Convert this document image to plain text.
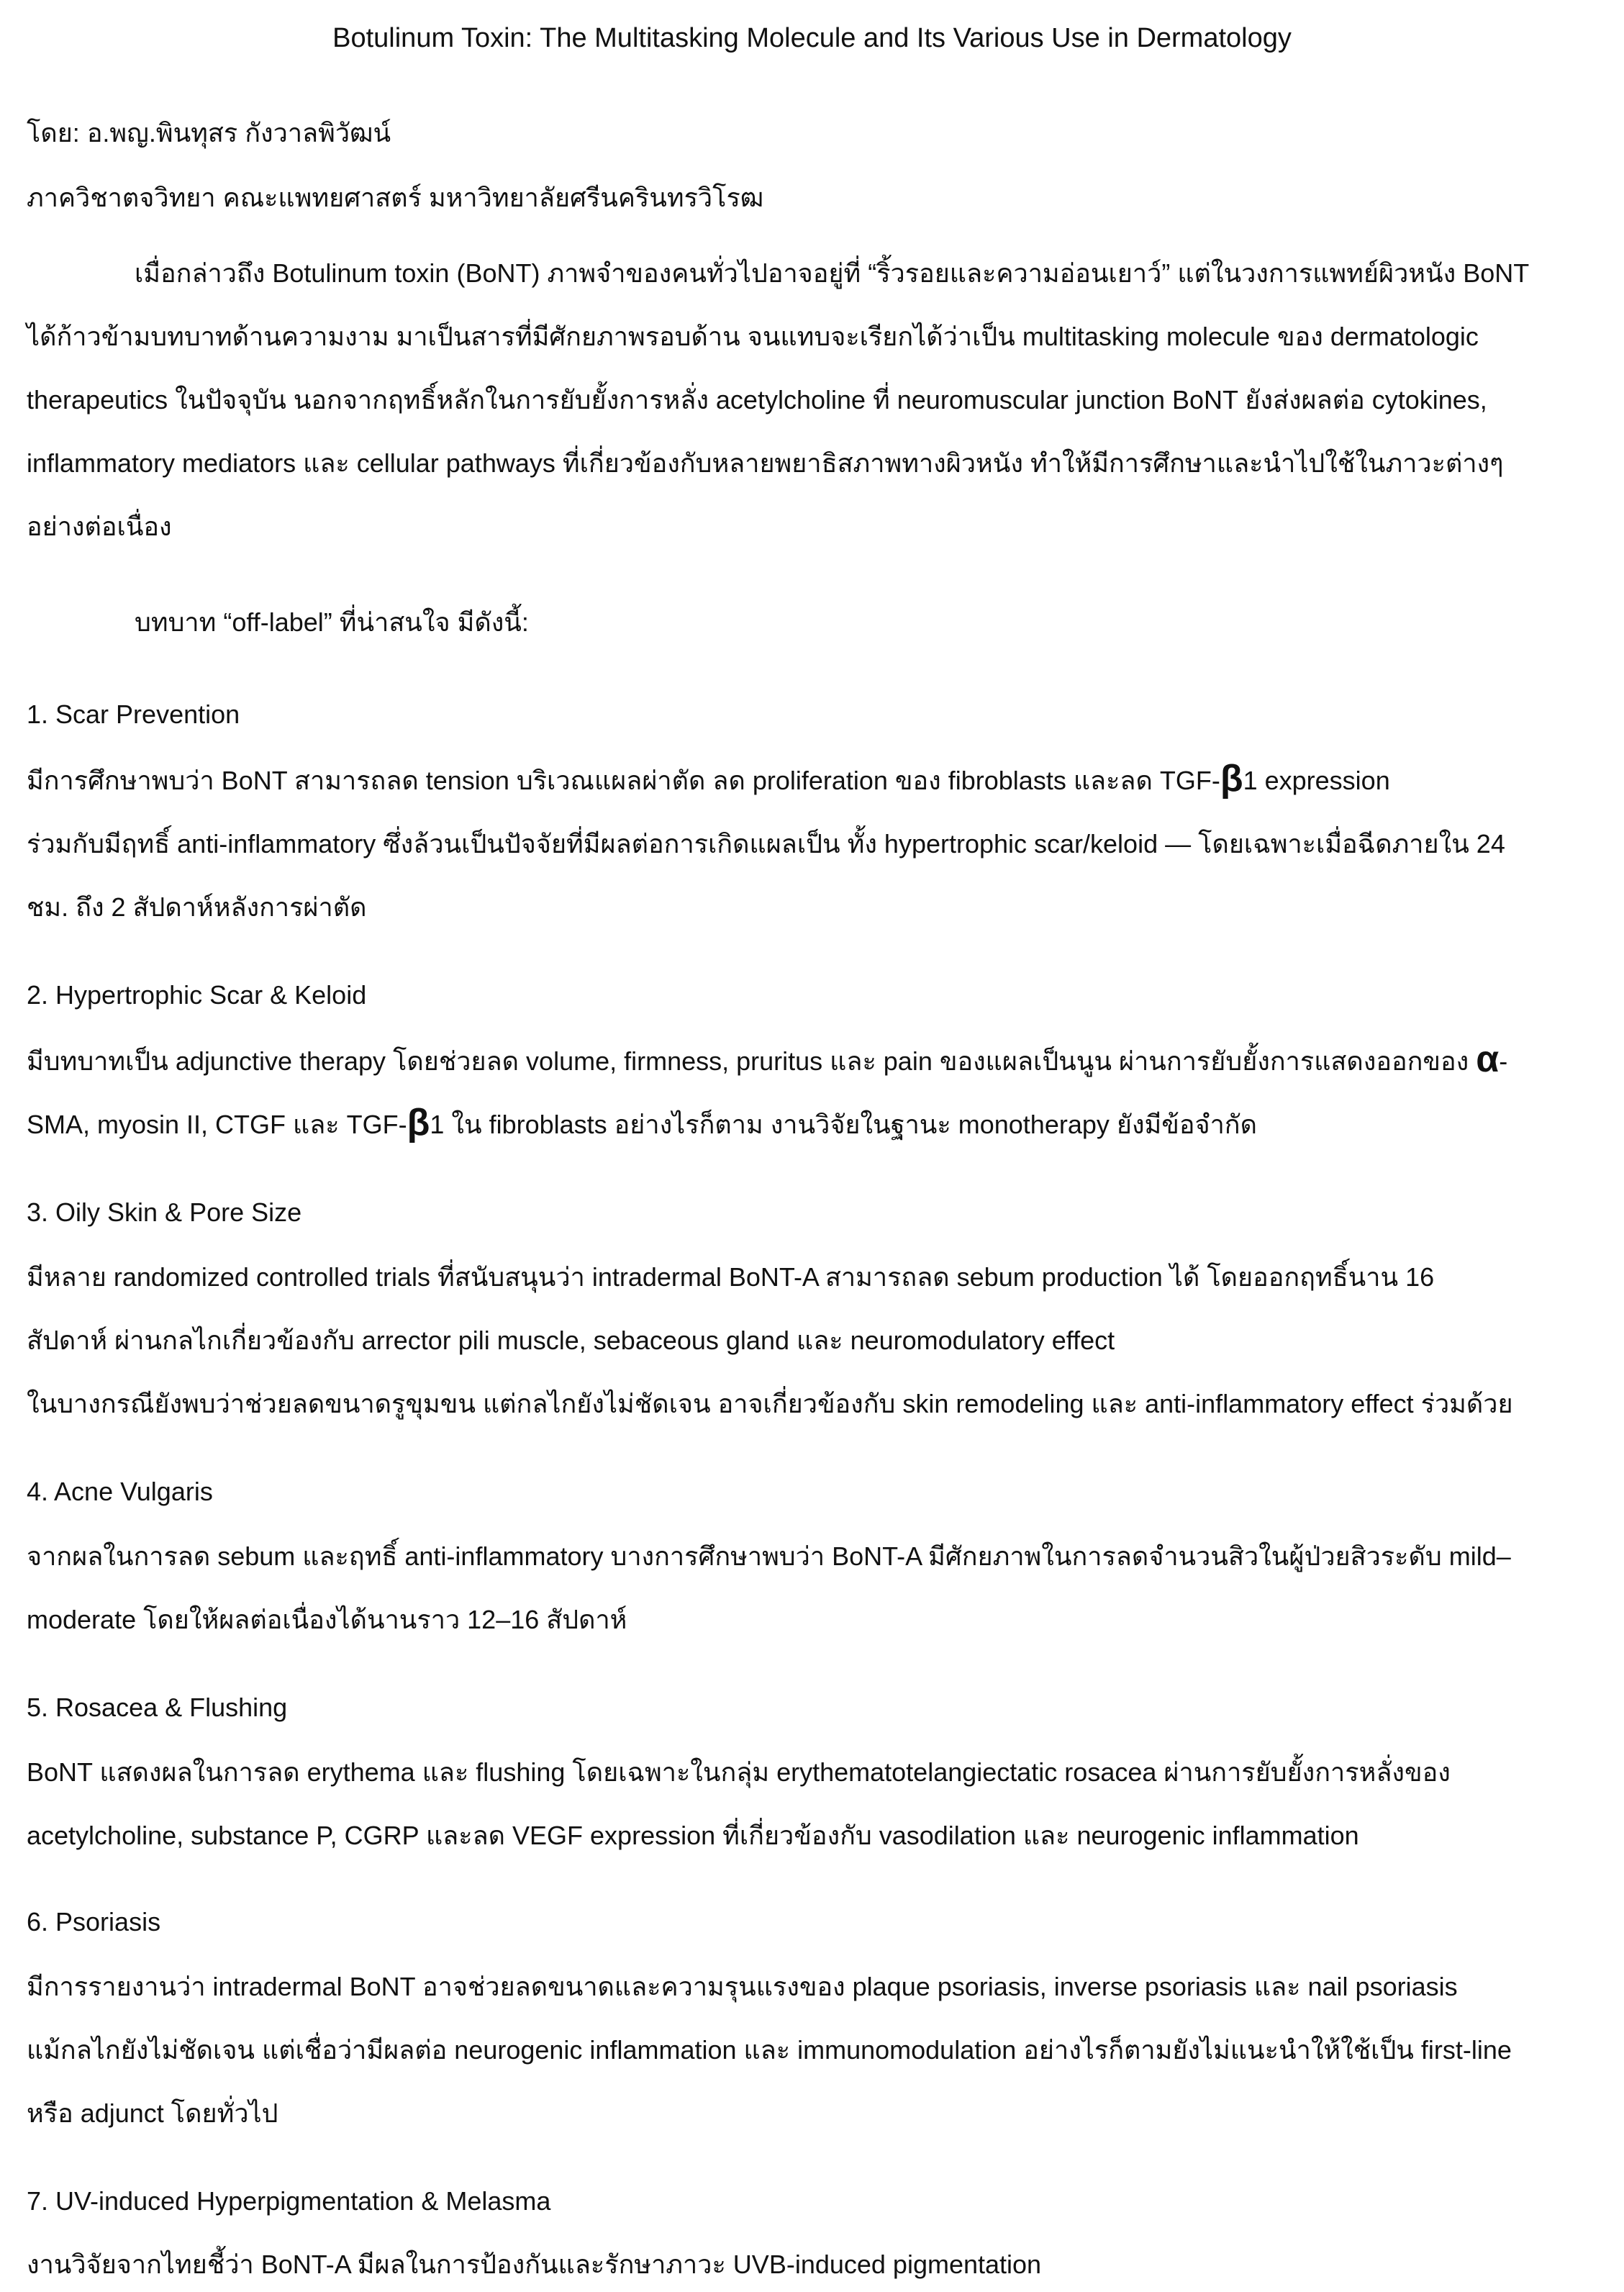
Botulinum Toxin: The Multitasking Molecule and Its Various Use in Dermatology
โดย: อ.พญ.พินทุสร กังวาลพิวัฒน์
ภาควิชาตจวิทยา คณะแพทยศาสตร์ มหาวิทยาลัยศรีนครินทรวิโรฒ
เมื่อกล่าวถึง Botulinum toxin (BoNT) ภาพจำของคนทั่วไปอาจอยู่ที่ “ริ้วรอยและความอ่อนเยาว์” แต่ในวงการแพทย์ผิวหนัง BoNT
ได้ก้าวข้ามบทบาทด้านความงาม มาเป็นสารที่มีศักยภาพรอบด้าน จนแทบจะเรียกได้ว่าเป็น multitasking molecule ของ dermatologic
therapeutics ในปัจจุบัน นอกจากฤทธิ์หลักในการยับยั้งการหลั่ง acetylcholine ที่ neuromuscular junction BoNT ยังส่งผลต่อ cytokines,
inflammatory mediators และ cellular pathways ที่เกี่ยวข้องกับหลายพยาธิสภาพทางผิวหนัง ทำให้มีการศึกษาและนำไปใช้ในภาวะต่างๆ
อย่างต่อเนื่อง
บทบาท “off-label” ที่น่าสนใจ มีดังนี้:
1. Scar Prevention
มีการศึกษาพบว่า BoNT สามารถลด tension บริเวณแผลผ่าตัด ลด proliferation ของ fibroblasts และลด TGF-β1 expression
ร่วมกับมีฤทธิ์ anti-inflammatory ซึ่งล้วนเป็นปัจจัยที่มีผลต่อการเกิดแผลเป็น ทั้ง hypertrophic scar/keloid — โดยเฉพาะเมื่อฉีดภายใน 24
ชม. ถึง 2 สัปดาห์หลังการผ่าตัด
2. Hypertrophic Scar & Keloid
มีบทบาทเป็น adjunctive therapy โดยช่วยลด volume, firmness, pruritus และ pain ของแผลเป็นนูน ผ่านการยับยั้งการแสดงออกของ α-
SMA, myosin II, CTGF และ TGF-β1 ใน fibroblasts อย่างไรก็ตาม งานวิจัยในฐานะ monotherapy ยังมีข้อจำกัด
3. Oily Skin & Pore Size
มีหลาย randomized controlled trials ที่สนับสนุนว่า intradermal BoNT-A สามารถลด sebum production ได้ โดยออกฤทธิ์นาน 16
สัปดาห์ ผ่านกลไกเกี่ยวข้องกับ arrector pili muscle, sebaceous gland และ neuromodulatory effect
ในบางกรณียังพบว่าช่วยลดขนาดรูขุมขน แต่กลไกยังไม่ชัดเจน อาจเกี่ยวข้องกับ skin remodeling และ anti-inflammatory effect ร่วมด้วย
4. Acne Vulgaris
จากผลในการลด sebum และฤทธิ์ anti-inflammatory บางการศึกษาพบว่า BoNT-A มีศักยภาพในการลดจำนวนสิวในผู้ป่วยสิวระดับ mild–
moderate โดยให้ผลต่อเนื่องได้นานราว 12–16 สัปดาห์
5. Rosacea & Flushing
BoNT แสดงผลในการลด erythema และ flushing โดยเฉพาะในกลุ่ม erythematotelangiectatic rosacea ผ่านการยับยั้งการหลั่งของ
acetylcholine, substance P, CGRP และลด VEGF expression ที่เกี่ยวข้องกับ vasodilation และ neurogenic inflammation
6. Psoriasis
มีการรายงานว่า intradermal BoNT อาจช่วยลดขนาดและความรุนแรงของ plaque psoriasis, inverse psoriasis และ nail psoriasis
แม้กลไกยังไม่ชัดเจน แต่เชื่อว่ามีผลต่อ neurogenic inflammation และ immunomodulation อย่างไรก็ตามยังไม่แนะนำให้ใช้เป็น first-line
หรือ adjunct โดยทั่วไป
7. UV-induced Hyperpigmentation & Melasma
งานวิจัยจากไทยชี้ว่า BoNT-A มีผลในการป้องกันและรักษาภาวะ UVB-induced pigmentation
